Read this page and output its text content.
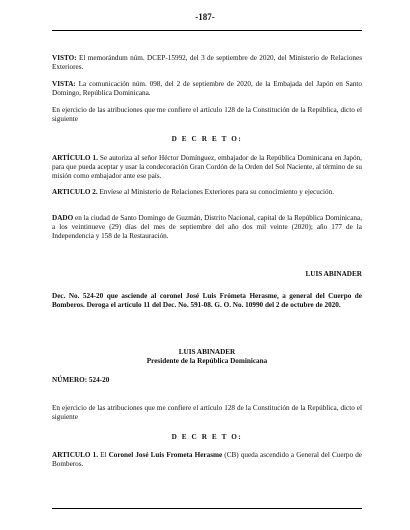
-187-

VISTO: El memorándum núm. DCEP-15992, del 3 de septiembre de 2020, del Ministerio de Relaciones Exteriores.

VISTA: La comunicación núm. 098, del 2 de septiembre de 2020, de la Embajada del Japón en Santo Domingo, República Dominicana.

En ejercicio de las atribuciones que me confiere el artículo 128 de la Constitución de la República, dicto el siguiente

D E C R E T O:

ARTÍCULO 1. Se autoriza al señor Héctor Domínguez, embajador de la República Dominicana en Japón, para que pueda aceptar y usar la condecoración Gran Cordón de la Orden del Sol Naciente, al término de su misión como embajador ante ese país.

ARTICULO 2. Envíese al Ministerio de Relaciones Exteriores para su conocimiento y ejecución.

DADO en la ciudad de Santo Domingo de Guzmán, Distrito Nacional, capital de la República Dominicana, a los veintinueve (29) días del mes de septiembre del año dos mil veinte (2020); año 177 de la Independencia y 158 de la Restauración.

LUIS ABINADER

Dec. No. 524-20 que asciende al coronel José Luis Frómeta Herasme, a general del Cuerpo de Bomberos. Deroga el artículo 11 del Dec. No. 591-08. G. O. No. 10990 del 2 de octubre de 2020.

LUIS ABINADER

Presidente de la República Dominicana

NÚMERO: 524-20

En ejercicio de las atribuciones que me confiere el artículo 128 de la Constitución de la República, dicto el siguiente

D E C R E T O:

ARTICULO 1. El Coronel José Luis Frometa Herasme (CB) queda ascendido a General del Cuerpo de Bomberos.
